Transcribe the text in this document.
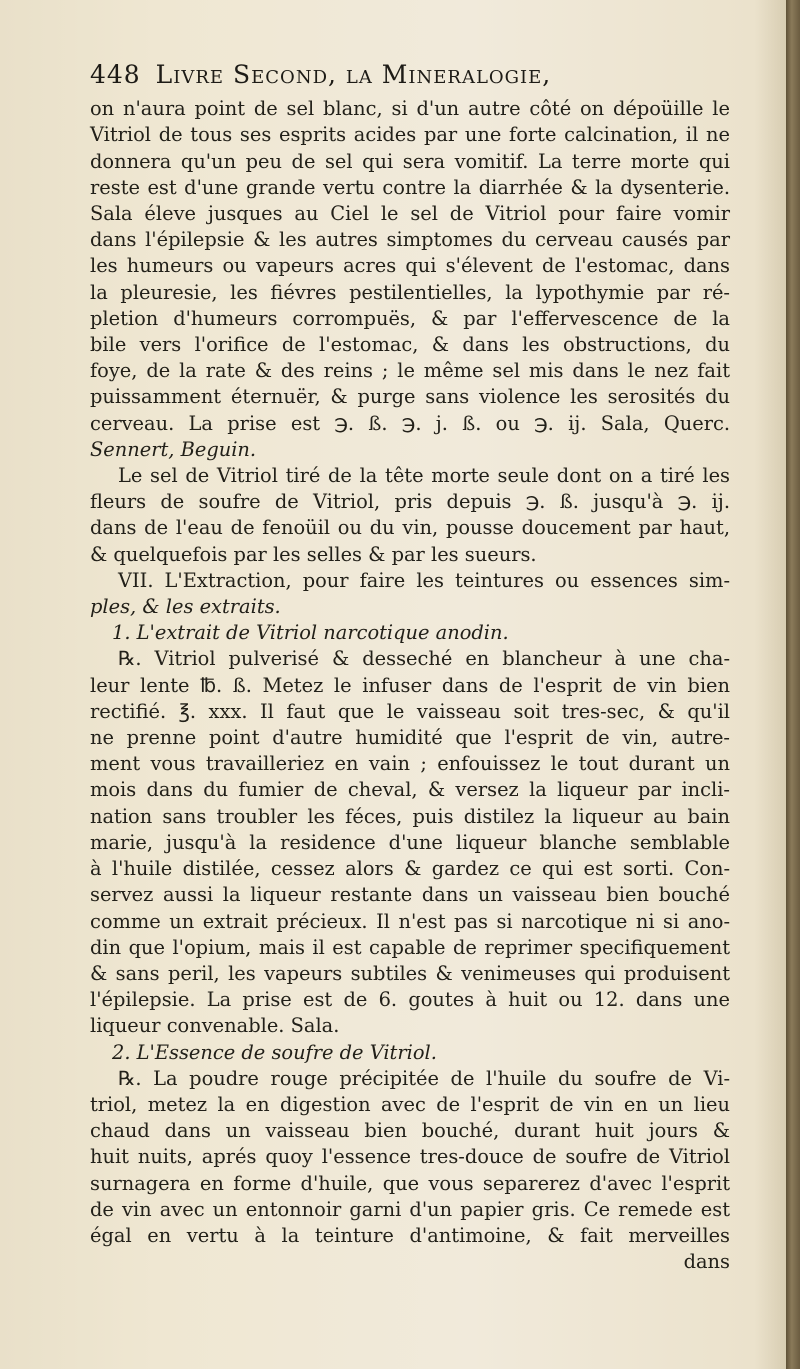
448 Livre Second, la Mineralogie,
on n'aura point de sel blanc, si d'un autre côté on dépoüille le
Vitriol de tous ses esprits acides par une forte calcination, il ne
donnera qu'un peu de sel qui sera vomitif. La terre morte qui
reste est d'une grande vertu contre la diarrhée & la dysenterie.
Sala éleve jusques au Ciel le sel de Vitriol pour faire vomir
dans l'épilepsie & les autres simptomes du cerveau causés par
les humeurs ou vapeurs acres qui s'élevent de l'estomac, dans
la pleuresie, les fiévres pestilentielles, la lypothymie par ré-
pletion d'humeurs corrompuës, & par l'effervescence de la
bile vers l'orifice de l'estomac, & dans les obstructions, du
foye, de la rate & des reins ; le même sel mis dans le nez fait
puissamment éternuër, & purge sans violence les serosités du
cerveau. La prise est ℈. ß. ℈. j. ß. ou ℈. ij. Sala, Querc.
Sennert, Beguin.
Le sel de Vitriol tiré de la tête morte seule dont on a tiré les
fleurs de soufre de Vitriol, pris depuis ℈. ß. jusqu'à ℈. ij.
dans de l'eau de fenoüil ou du vin, pousse doucement par haut,
& quelquefois par les selles & par les sueurs.
VII. L'Extraction, pour faire les teintures ou essences sim-
ples, & les extraits.
1. L'extrait de Vitriol narcotique anodin.
℞. Vitriol pulverisé & desseché en blancheur à une cha-
leur lente ℔. ß. Metez le infuser dans de l'esprit de vin bien
rectifié. ℥. xxx. Il faut que le vaisseau soit tres-sec, & qu'il
ne prenne point d'autre humidité que l'esprit de vin, autre-
ment vous travailleriez en vain ; enfouissez le tout durant un
mois dans du fumier de cheval, & versez la liqueur par incli-
nation sans troubler les féces, puis distilez la liqueur au bain
marie, jusqu'à la residence d'une liqueur blanche semblable
à l'huile distilée, cessez alors & gardez ce qui est sorti. Con-
servez aussi la liqueur restante dans un vaisseau bien bouché
comme un extrait précieux. Il n'est pas si narcotique ni si ano-
din que l'opium, mais il est capable de reprimer specifiquement
& sans peril, les vapeurs subtiles & venimeuses qui produisent
l'épilepsie. La prise est de 6. goutes à huit ou 12. dans une
liqueur convenable. Sala.
2. L'Essence de soufre de Vitriol.
℞. La poudre rouge précipitée de l'huile du soufre de Vi-
triol, metez la en digestion avec de l'esprit de vin en un lieu
chaud dans un vaisseau bien bouché, durant huit jours &
huit nuits, aprés quoy l'essence tres-douce de soufre de Vitriol
surnagera en forme d'huile, que vous separerez d'avec l'esprit
de vin avec un entonnoir garni d'un papier gris. Ce remede est
égal en vertu à la teinture d'antimoine, & fait merveilles
dans
